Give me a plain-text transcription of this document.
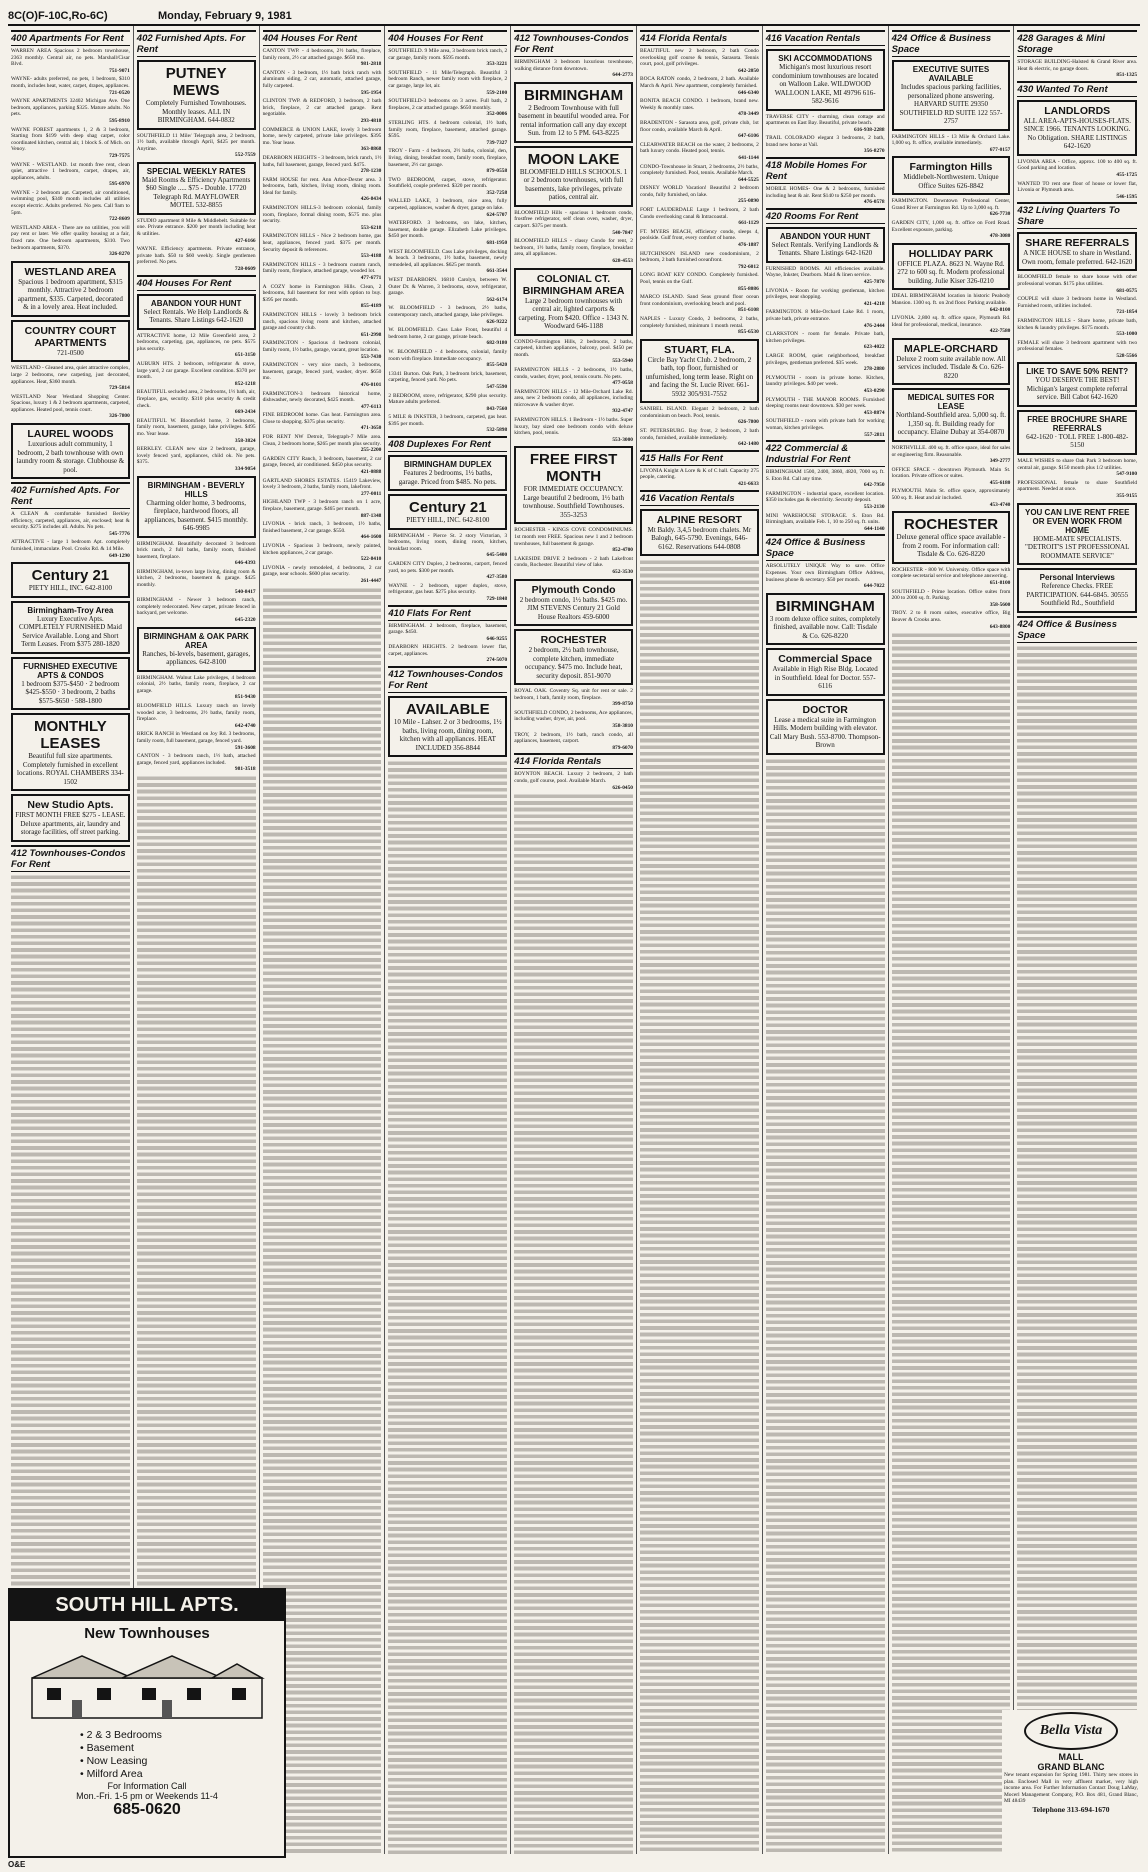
8C(O)F-10C,Ro-6C)	Monday, February 9, 1981
400 Apartments For Rent
WARREN AREA Spacious 2 bedroom townhouse, 2363 monthly. Central air, no pets. Marshall/Cisar Blvd.
751-9071
WAYNE- adults preferred, no pets, 1 bedroom, $310 month, includes heat, water, carpet, drapes, appliances.
721-0520
WAYNE APARTMENTS 32402 Michigan Ave. One bedroom, appliances, parking $325. Mature adults. No pets.
595-8910
WAYNE FOREST apartments 1, 2 & 3 bedroom, Starting from $199 with deep shag carpet, color coordinated kitchen, central air, 1 block S. of Mich. on Venoy.
729-7575
WAYNE - WESTLAND. 1st month free rent, clean quiet, attractive 1 bedroom, carpet, drapes, air, appliances, adults.
595-6970
WAYNE - 2 bedroom apt. Carpeted, air conditioned, swimming pool, $340 month includes all utilities except electric. Adults preferred. No pets. Call 9am to 5pm.
722-8609
WESTLAND AREA - There are no utilities, you will pay rent or later. We offer quality housing at a fair, fixed rate. One bedroom apartments, $310. Two bedroom apartments, $370.
326-8270
WESTLAND AREA
Spacious 1 bedroom apartment, $315 monthly. Attractive 2 bedroom apartment, $335. Carpeted, decorated & in a lovely area. Heat included.
COUNTRY COURT APARTMENTS
721-0500
WESTLAND - Gleaned area, quiet attractive complex, large 2 bedrooms, new carpeting, just decorated, appliances. Heat, $360 month.
729-5814
WESTLAND Near Westland Shopping Center. Spacious, luxury 1 & 2 bedroom apartments, carpeted, appliances. Heated pool, tennis court.
326-7800
LAUREL WOODS
Luxurious adult community, 1 bedroom, 2 bath townhouse with own laundry room & storage. Clubhouse & pool.
402 Furnished Apts. For Rent
A CLEAN & comfortable furnished Berkley efficiency, carpeted, appliances, air, enclosed; heat & security. $275 includes all. Adults. No pets.
545-7776
ATTRACTIVE - large 1 bedroom Apt. completely furnished, immaculate. Pool. Crooks Rd. & 14 Mile.
649-1290
Century 21
PIETY HILL, INC. 642-8100
Birmingham-Troy Area
Luxury Executive Apts. COMPLETELY FURNISHED Maid Service Available. Long and Short Term Leases. From $375 280-1820
FURNISHED EXECUTIVE APTS & CONDOS
1 bedroom $375-$450 · 2 bedroom $425-$550 · 3 bedroom, 2 baths $575-$650 · 588-1800
MONTHLY LEASES
Beautiful full size apartments. Completely furnished in excellent locations. ROYAL CHAMBERS 334-1502
New Studio Apts.
FIRST MONTH FREE $275 - LEASE. Deluxe apartments, air, laundry and storage facilities, off street parking.
412 Townhouses-Condos For Rent
402 Furnished Apts. For Rent
PUTNEY MEWS
Completely Furnished Townhouses. Monthly leases. ALL IN BIRMINGHAM. 644-0832
SOUTHFIELD 11 Mile/ Telegraph area, 2 bedroom, 1½ bath, available through April, $425 per month. Anytime.
552-7559
SPECIAL WEEKLY RATES
Maid Rooms & Efficiency Apartments $60 Single ..... $75 - Double. 17720 Telegraph Rd. MAYFLOWER MOTEL 532-8855
STUDIO apartment 8 Mile & Middlebelt. Suitable for one. Private entrance. $200 per month including heat & utilities.
427-6166
WAYNE. Efficiency apartments. Private entrance, private bath. $50 to $60 weekly. Single gentlemen preferred. No pets.
728-0609
404 Houses For Rent
ABANDON YOUR HUNT
Select Rentals. We Help Landlords & Tenants. Share Listings 642-1620
ATTRACTIVE home, 12 Mile Greenfield area, 2 bedrooms, carpeting, gas, appliances, no pets. $575 plus security.
651-3150
AUBURN HTS. 2 bedroom, refrigerator & stove, large yard, 2 car garage. Excellent condition. $370 per month.
852-1218
BEAUTIFUL secluded area, 2 bedrooms, 1½ bath, air, fireplace, gas, security. $310 plus security & credit check.
669-2434
BEAUTIFUL W. Bloomfield home, 3 bedrooms, family room, basement, garage, lake privileges. $495 mo. Year lease.
358-3824
BERKLEY. CLEAN new size 2 bedroom, garage, lovely fenced yard, appliances, child ok. No pets. $375.
334-9054
BIRMINGHAM - BEVERLY HILLS
Charming older home, 3 bedrooms, fireplace, hardwood floors, all appliances, basement. $415 monthly. 646-9985
BIRMINGHAM. Beautifully decorated 3 bedroom brick ranch, 2 full baths, family room, finished basement, fireplace.
646-4393
BIRMINGHAM, in-town large living, dining room & kitchen, 2 bedrooms, basement & garage. $425 monthly.
540-8417
BIRMINGHAM - Newer 3 bedroom ranch, completely redecorated. New carpet, private fenced in backyard, pet welcome.
645-2320
BIRMINGHAM & OAK PARK AREA
Ranches, bi-levels, basement, garages, appliances. 642-8100
BIRMINGHAM. Walnut Lake privileges, 4 bedroom colonial, 2½ baths, family room, fireplace, 2 car garage.
851-9430
BLOOMFIELD HILLS. Luxury ranch on lovely wooded acre, 3 bedrooms, 2½ baths, family room, fireplace.
642-4740
BRICK RANCH in Westland on Joy Rd. 3 bedrooms, family room, full basement, garage, fenced yard.
591-3608
CANTON - 3 bedroom ranch, 1½ bath, attached garage, fenced yard, appliances included.
981-3518
404 Houses For Rent
CANTON TWP. - 4 bedrooms, 2½ baths, fireplace, family room, 2½ car attached garage. $650 mo.
981-2818
CANTON - 3 bedroom, 1½ bath brick ranch with aluminum siding, 2 car, automatic, attached garage, fully carpeted.
595-1954
CLINTON TWP. & REDFORD, 3 bedroom, 2 bath brick, fireplace, 2 car attached garage. Rent negotiable.
293-4818
COMMERCE & UNION LAKE, lovely 3 bedroom home, newly carpeted, private lake privileges. $395 mo. Year lease.
363-8868
DEARBORN HEIGHTS - 3 bedroom, brick ranch, 1½ baths, full basement, garage, fenced yard. $475.
278-1230
FARM HOUSE for rent. Ann Arbor-Dexter area. 3 bedrooms, bath, kitchen, living room, dining room. Ideal for family.
426-8434
FARMINGTON HILLS-3 bedroom colonial, family room, fireplace, formal dining room, $575 mo. plus security.
553-6218
FARMINGTON HILLS - Nice 2 bedroom home, gas heat, appliances, fenced yard. $375 per month. Security deposit & references.
553-4188
FARMINGTON HILLS - 3 bedroom custom ranch, family room, fireplace, attached garage, wooded lot.
477-6771
A COZY home in Farmington Hills. Clean, 2 bedrooms, full basement for rent with option to buy. $395 per month.
855-4189
FARMINGTON HILLS - lovely 3 bedroom brick ranch, spacious living room and kitchen, attached garage and country club.
651-2998
FARMINGTON - Spacious 4 bedroom colonial, family room, 1½ baths, garage, vacant, great location.
553-7430
FARMINGTON - very nice ranch, 3 bedrooms, basement, garage, fenced yard, washer, dryer. $650 mo.
476-0101
FARMINGTON-3 bedroom historical home, dishwasher, newly decorated, $425 month.
477-6113
FINE BEDROOM home. Gas heat. Farmington area. Close to shopping. $375 plus security.
471-3650
FOR RENT NW Detroit, Telegraph-7 Mile area. Clean, 2 bedroom home, $265 per month plus security.
255-2200
GARDEN CITY Ranch, 3 bedroom, basement, 2 car garage, fenced, air conditioned. $450 plus security.
421-0888
GARTLAND SHORES ESTATES. 15419 Lakeview, lovely 3 bedroom, 2 baths, family room, lakefront.
277-0011
HIGHLAND TWP - 3 bedroom ranch on 1 acre, fireplace, basement, garage. $465 per month.
887-1348
LIVONIA - brick ranch, 3 bedroom, 1½ baths, finished basement, 2 car garage. $550.
464-1600
LIVONIA - Spacious 3 bedroom, newly painted, kitchen appliances, 2 car garage.
522-8410
LIVONIA - newly remodeled, 4 bedrooms, 2 car garage, near schools. $600 plus security.
261-4447
404 Houses For Rent
SOUTHFIELD. 9 Mile area, 3 bedroom brick ranch, 2 car garage, family room. $595 month.
353-3221
SOUTHFIELD - 11 Mile/Telegraph. Beautiful 3 bedroom Ranch, newer family room with fireplace, 2 car garage, large lot, air.
559-2100
SOUTHFIELD-3 bedrooms on 3 acres. Full bath, 2 fireplaces, 2 car attached garage. $650 monthly.
352-0006
STERLING HTS. 4 bedroom colonial, 1½ bath, family room, fireplace, basement, attached garage. $595.
739-7327
TROY - Farm - 4 bedroom, 2½ baths, colonial, den, living, dining, breakfast room, family room, fireplace, basement, 2½ car garage.
879-0558
TWO BEDROOM, carpet, stove, refrigerator. Southfield, couple preferred. $320 per month.
352-7258
WALLED LAKE, 3 bedroom, nice area, fully carpeted, appliances, washer & dryer, garage on lake.
624-5707
WATERFORD. 3 bedrooms, on lake, kitchen, basement, double garage. Elizabeth Lake privileges. $450 per month.
681-1950
WEST BLOOMFIELD. Cass Lake privileges, docking & beach. 3 bedrooms, 1½ baths, basement, newly remodeled, all appliances. $625 per month.
661-3544
WEST DEARBORN. 16810 Carolyn, between W. Outer Dr. & Warren, 3 bedrooms, stove, refrigerator, garage.
562-6174
W. BLOOMFIELD - 3 bedroom, 2½ baths, contemporary ranch, attached garage, lake privileges.
626-9222
W. BLOOMFIELD. Cass Lake Front, beautiful 4 bedroom home, 2 car garage, private beach.
682-9180
W. BLOOMFIELD - 4 bedrooms, colonial, family room with fireplace. Immediate occupancy.
855-5420
13341 Burton. Oak Park, 3 bedroom brick, basement, carpeting, fenced yard. No pets.
547-5590
2 BEDROOM, stove, refrigerator, $290 plus security. Mature adults preferred.
843-7560
5 MILE & INKSTER, 3 bedroom, carpeted, gas heat. $395 per month.
532-5898
408 Duplexes For Rent
BIRMINGHAM DUPLEX
Features 2 bedrooms, 1½ baths, garage. Priced from $485. No pets.
Century 21
PIETY HILL, INC. 642-8100
BIRMINGHAM - Pierce St. 2 story Victorian, 3 bedrooms, living room, dining room, kitchen, breakfast room.
645-5400
GARDEN CITY Duplex, 2 bedrooms, carport, fenced yard, no pets. $300 per month.
427-3580
WAYNE - 2 bedroom, upper duplex, stove, refrigerator, gas heat. $275 plus security.
729-1848
410 Flats For Rent
BIRMINGHAM. 2 bedroom, fireplace, basement, garage. $450.
646-9255
DEARBORN HEIGHTS. 2 bedroom lower flat, carpet, appliances.
274-5070
412 Townhouses-Condos For Rent
AVAILABLE
10 Mile - Lahser. 2 or 3 bedrooms, 1½ baths, living room, dining room, kitchen with all appliances. HEAT INCLUDED 356-8844
412 Townhouses-Condos For Rent
BIRMINGHAM 3 bedroom luxurious townhouse, walking distance from downtown.
644-2773
BIRMINGHAM
2 Bedroom Townhouse with full basement in beautiful wooded area. For rental information call any day except Sun. from 12 to 5 PM. 643-8225
MOON LAKE
BLOOMFIELD HILLS SCHOOLS. 1 or 2 bedroom townhouses, with full basements, lake privileges, private patios, central air.
BLOOMFIELD Hills - spacious 1 bedroom condo, frostfree refrigerator, self clean oven, washer, dryer, carport. $375 per month.
540-7847
BLOOMFIELD HILLS - classy Condo for rent, 2 bedroom, 1½ baths, family room, fireplace, breakfast area, all appliances.
628-4553
COLONIAL CT. BIRMINGHAM AREA
Large 2 bedroom townhouses with central air, lighted carports & carpeting. From $420. Office - 1343 N. Woodward 646-1188
CONDO-Farmington Hills, 2 bedrooms, 2 baths, carpeted, kitchen appliances, balcony, pool. $450 per month.
553-5940
FARMINGTON HILLS - 2 bedrooms, 1½ baths, condo, washer, dryer, pool, tennis courts. No pets.
477-0558
FARMINGTON HILLS - 12 Mile-Orchard Lake Rd. area, new 2 bedroom condo, all appliances, including microwave & washer dryer.
932-4747
FARMINGTON HILLS. 1 Bedroom - 1½ baths. Super luxury, bay sized one bedroom condo with deluxe kitchen, pool, tennis.
553-3000
FREE FIRST MONTH
FOR IMMEDIATE OCCUPANCY. Large beautiful 2 bedroom, 1½ bath townhouse. Southfield Townhouses. 355-3253
ROCHESTER - KINGS COVE CONDOMINIUMS. 1st month rent FREE. Spacious new 1 and 2 bedroom townhouses, full basement & garage.
852-4700
LAKESIDE DRIVE 2 bedroom - 2 bath Lakefront condo, Rochester. Beautiful view of lake.
652-3530
Plymouth Condo
2 bedroom condo, 1½ baths. $425 mo. JIM STEVENS Century 21 Gold House Realtors 459-6000
ROCHESTER
2 bedroom, 2½ bath townhouse, complete kitchen, immediate occupancy. $475 mo. Include heat, security deposit. 851-9070
ROYAL OAK. Coventry Sq. unit for rent or sale. 2 bedroom, 1 bath, family room, fireplace.
399-8750
SOUTHFIELD CONDO, 2 bedrooms, Ace appliances, including washer, dryer, air, pool.
358-3810
TROY, 2 bedroom, 1½ bath, ranch condo, all appliances, basement, carport.
879-6070
414 Florida Rentals
BOYNTON BEACH. Luxury 2 bedroom, 2 bath condo, golf course, pool. Available March.
626-0450
414 Florida Rentals
BEAUTIFUL new 2 bedroom, 2 bath Condo overlooking golf course & tennis, Sarasota. Tennis court, pool, golf privileges.
642-2050
BOCA RATON condo, 2 bedroom, 2 bath. Available March & April. New apartment, completely furnished.
646-6340
BONITA BEACH CONDO. 1 bedroom, brand new. Weekly & monthly rates.
478-3449
BRADENTON - Sarasota area, golf, private club, 1st floor condo, available March & April.
647-6106
CLEARWATER BEACH on the water, 2 bedrooms, 2 bath luxury condo. Heated pool, tennis.
641-1144
CONDO-Townhouse in Stuart, 2 bedrooms, 2½ baths, completely furnished. Pool, tennis. Available March.
644-5525
DISNEY WORLD Vacation! Beautiful 2 bedroom condo, fully furnished, on lake.
255-0890
FORT LAUDERDALE Large 1 bedroom, 2 bath Condo overlooking canal & Intracoastal.
661-1129
FT. MYERS BEACH, efficiency condo, sleeps 4, poolside. Gulf front, every comfort of home.
476-1887
HUTCHINSON ISLAND new condominium, 2 bedroom, 2 bath furnished oceanfront.
792-6012
LONG BOAT KEY CONDO. Completely furnished. Pool, tennis on the Gulf.
855-8086
MARCO ISLAND. Sand Seas ground floor ocean front condominium, overlooking beach and pool.
851-6108
NAPLES - Luxury Condo, 2 bedrooms, 2 baths, completely furnished, minimum 1 month rental.
855-6530
STUART, FLA.
Circle Bay Yacht Club. 2 bedroom, 2 bath, top floor, furnished or unfurnished, long term lease. Right on and facing the St. Lucie River. 661-5932 305/931-7552
SANIBEL ISLAND. Elegant 2 bedroom, 2 bath condominium on beach. Pool, tennis.
626-7800
ST. PETERSBURG. Bay front, 2 bedroom, 2 bath condo, furnished, available immediately.
642-1480
415 Halls For Rent
LIVONIA Knight A Lore & K of C hall. Capacity 275 people, catering.
421-6633
416 Vacation Rentals
ALPINE RESORT
Mt Baldy. 3,4,5 bedroom chalets. Mr Balogh, 645-5790. Evenings, 646-6162. Reservations 644-0808
416 Vacation Rentals
SKI ACCOMMODATIONS
Michigan's most luxurious resort condominium townhouses are located on Walloon Lake. WILDWOOD WALLOON LAKE, MI 49796 616-582-9616
TRAVERSE CITY - charming, clean cottage and apartments on East Bay. Beautiful, private beach.
616-938-2288
TRAIL COLORADO elegant 3 bedrooms, 2 bath, brand new home at Vail.
356-8270
418 Mobile Homes For Rent
MOBILE HOMES- One & 2 bedrooms, furnished including heat & air. Rent $140 to $250 per month.
476-0578
420 Rooms For Rent
ABANDON YOUR HUNT
Select Rentals. Verifying Landlords & Tenants. Share Listings 642-1620
FURNISHED ROOMS. All efficiencies available. Wayne, Inkster, Dearborn. Maid & linen service.
425-7870
LIVONIA - Room for working gentleman, kitchen privileges, near shopping.
421-4218
FARMINGTON. 8 Mile-Orchard Lake Rd. 1 room, private bath, private entrance.
476-2444
CLARKSTON - room for female. Private bath, kitchen privileges.
623-4022
LARGE ROOM, quiet neighborhood, breakfast privileges, gentleman preferred. $35 week.
278-2880
PLYMOUTH - room in private home. Kitchen, laundry privileges. $40 per week.
453-0290
PLYMOUTH - THE MANOR ROOMS. Furnished sleeping rooms near downtown. $30 per week.
453-8874
SOUTHFIELD - room with private bath for working woman, kitchen privileges.
557-2811
422 Commercial & Industrial For Rent
BIRMINGHAM 1500, 2400, 3860, 4820, 7000 sq. ft. S. Eton Rd. Call any time.
642-7950
FARMINGTON - industrial space, excellent location. $350 includes gas & electricity. Security deposit.
553-2130
MINI WAREHOUSE STORAGE. S. Eton Rd. Birmingham, available Feb. 1, 10 to 250 sq. ft. units.
644-1140
424 Office & Business Space
ABSOLUTELY UNIQUE Way to save. Office Expenses. Your own Birmingham Office Address, business phone & secretary. $50 per month.
644-7022
BIRMINGHAM
3 room deluxe office suites, completely finished, available now. Call: Tisdale & Co. 626-8220
Commercial Space
Available in High Rise Bldg. Located in Southfield. Ideal for Doctor. 557-6116
DOCTOR
Lease a medical suite in Farmington Hills. Modern building with elevator. Call Mary Bush. 553-8700. Thompson-Brown
424 Office & Business Space
EXECUTIVE SUITES AVAILABLE
Includes spacious parking facilities, personalized phone answering. HARVARD SUITE 29350 SOUTHFIELD RD SUITE 122 557-2757
FARMINGTON HILLS - 13 Mile & Orchard Lake. 1,000 sq. ft. office, available immediately.
677-0157
Farmington Hills
Middlebelt-Northwestern. Unique Office Suites 626-8842
FARMINGTON. Downtown Professional Center, Grand River at Farmington Rd. Up to 3,000 sq. ft.
626-7730
GARDEN CITY, 1,000 sq. ft. office on Ford Road. Excellent exposure, parking.
478-3080
HOLLIDAY PARK
OFFICE PLAZA. 8623 N. Wayne Rd. 272 to 600 sq. ft. Modern professional building. Julie Kiser 326-0210
IDEAL BIRMINGHAM location in historic Peabody Mansion. 1300 sq. ft. on 2nd floor. Parking available.
642-8100
LIVONIA. 2,800 sq. ft. office space, Plymouth Rd. Ideal for professional, medical, insurance.
422-7580
MAPLE-ORCHARD
Deluxe 2 room suite available now. All services included. Tisdale & Co. 626-8220
MEDICAL SUITES FOR LEASE
Northland-Southfield area. 5,000 sq. ft. 1,350 sq. ft. Building ready for occupancy. Elaine Dubay at 354-0870
NORTHVILLE. 400 sq. ft. office space, ideal for sales or engineering firm. Reasonable.
349-2777
OFFICE SPACE - downtown Plymouth. Main St. location. Private offices or suites.
455-6180
PLYMOUTH. Main St. office space, approximately 500 sq. ft. Heat and air included.
453-4740
ROCHESTER
Deluxe general office space available - from 2 room. For information call: Tisdale & Co. 626-8220
ROCHESTER - 800 W. University. Office space with complete secretarial service and telephone answering.
651-8100
SOUTHFIELD - Prime location. Office suites from 200 to 2000 sq. ft. Parking.
358-5600
TROY. 2 to 8 room suites, executive office, Big Beaver & Crooks area.
643-8800
428 Garages & Mini Storage
STORAGE BUILDING-Halsted & Grand River area. Heat & electric, no garage doors.
851-1325
430 Wanted To Rent
LANDLORDS
ALL AREA-APTS-HOUSES-FLATS. SINCE 1966. TENANTS LOOKING. No Obligation. SHARE LISTINGS 642-1620
LIVONIA AREA - Office, approx. 100 to 400 sq. ft. Good parking and location.
455-1725
WANTED TO rent one floor of house or lower flat, Livonia or Plymouth area.
546-1595
432 Living Quarters To Share
SHARE REFERRALS
A NICE HOUSE to share in Westland. Own room, female preferred. 642-1620
BLOOMFIELD female to share house with other professional woman. $175 plus utilities.
681-0575
COUPLE will share 3 bedroom home in Westland. Furnished room, utilities included.
721-1854
FARMINGTON HILLS - Share home, private bath, kitchen & laundry privileges. $175 month.
553-1000
FEMALE will share 3 bedroom apartment with two professional females.
528-5566
LIKE TO SAVE 50% RENT?
YOU DESERVE THE BEST! Michigan's largest complete referral service. Bill Cabot 642-1620
FREE BROCHURE SHARE REFERRALS
642-1620 · TOLL FREE 1-800-482-5150
MALE WISHES to share Oak Park 3 bedroom home, central air, garage. $150 month plus 1/2 utilities.
547-9100
PROFESSIONAL female to share Southfield apartment. Needed at once.
355-9155
YOU CAN LIVE RENT FREE OR EVEN WORK FROM HOME
HOME-MATE SPECIALISTS. "DETROIT'S 1ST PROFESSIONAL ROOMMATE SERVICE"
Personal Interviews
Reference Checks. FREE PARTICIPATION. 644-6845. 30555 Southfield Rd., Southfield
424 Office & Business Space
SOUTH HILL APTS.
New Townhouses
• 2 & 3 Bedrooms
• Basement
• Now Leasing
• Milford Area
For Information Call
Mon.-Fri. 1-5 pm or Weekends 11-4
685-0620
Bella Vista
MALL
GRAND BLANC
New tenant expansion for Spring 1981. Thirty new stores in plan. Enclosed Mall in very affluent market, very high income area. For Further Information Contact Doug LaMay, Mocerl Management Company, P.O. Box 481, Grand Blanc, MI 48439
Telephone 313-694-1670
O&E
